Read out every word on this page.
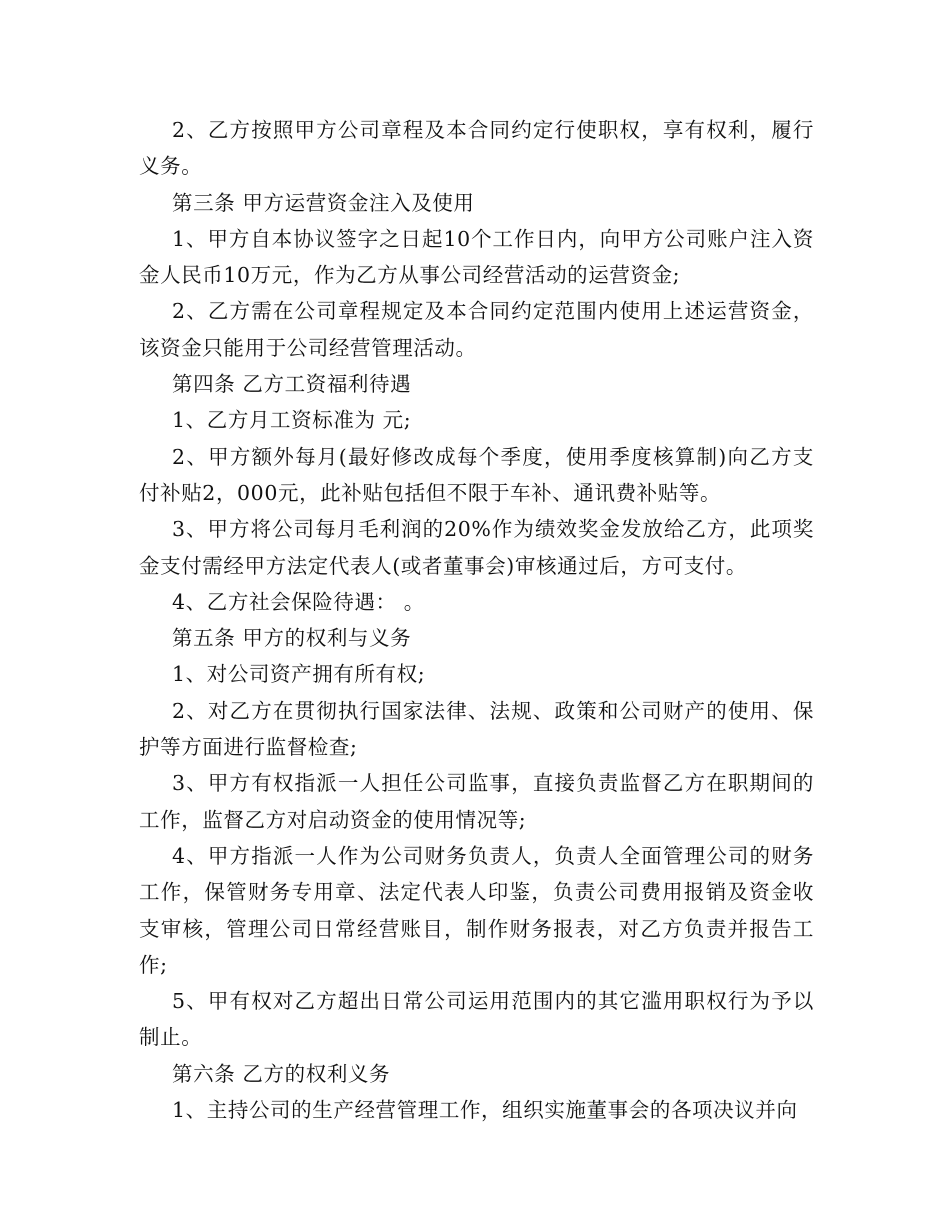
2、乙方按照甲方公司章程及本合同约定行使职权，享有权利，履行义务。

第三条 甲方运营资金注入及使用

1、甲方自本协议签字之日起10个工作日内，向甲方公司账户注入资金人民币10万元，作为乙方从事公司经营活动的运营资金;

2、乙方需在公司章程规定及本合同约定范围内使用上述运营资金，该资金只能用于公司经营管理活动。

第四条 乙方工资福利待遇

1、乙方月工资标准为 元;

2、甲方额外每月(最好修改成每个季度，使用季度核算制)向乙方支付补贴2，000元，此补贴包括但不限于车补、通讯费补贴等。

3、甲方将公司每月毛利润的20%作为绩效奖金发放给乙方，此项奖金支付需经甲方法定代表人(或者董事会)审核通过后，方可支付。

4、乙方社会保险待遇： 。

第五条 甲方的权利与义务

1、对公司资产拥有所有权;

2、对乙方在贯彻执行国家法律、法规、政策和公司财产的使用、保护等方面进行监督检查;

3、甲方有权指派一人担任公司监事，直接负责监督乙方在职期间的工作，监督乙方对启动资金的使用情况等;

4、甲方指派一人作为公司财务负责人，负责人全面管理公司的财务工作，保管财务专用章、法定代表人印鉴，负责公司费用报销及资金收支审核，管理公司日常经营账目，制作财务报表，对乙方负责并报告工作;

5、甲有权对乙方超出日常公司运用范围内的其它滥用职权行为予以制止。

第六条 乙方的权利义务

1、主持公司的生产经营管理工作，组织实施董事会的各项决议并向
